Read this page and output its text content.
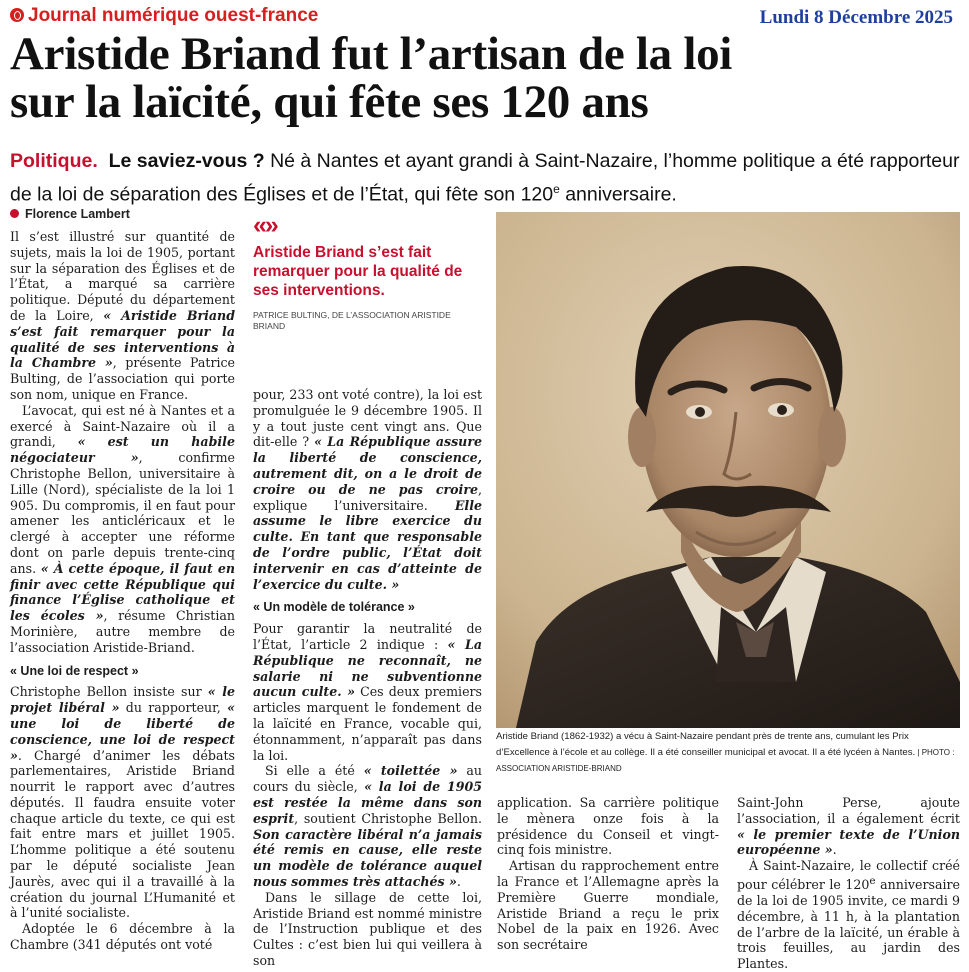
Journal numérique ouest-france	Lundi 8 Décembre 2025
Aristide Briand fut l’artisan de la loi
sur la laïcité, qui fête ses 120 ans

Politique. Le saviez-vous ? Né à Nantes et ayant grandi à Saint-Nazaire, l’homme politique a été rapporteur de la loi de séparation des Églises et de l’État, qui fête son 120e anniversaire.

Florence Lambert

Il s’est illustré sur quantité de sujets, mais la loi de 1905, portant sur la séparation des Églises et de l’État, a marqué sa carrière politique. Député du département de la Loire, « Aristide Briand s’est fait remarquer pour la qualité de ses interventions à la Chambre », présente Patrice Bulting, de l’association qui porte son nom, unique en France.

L’avocat, qui est né à Nantes et a exercé à Saint-Nazaire où il a grandi, « est un habile négociateur », confirme Christophe Bellon, universitaire à Lille (Nord), spécialiste de la loi 1 905. Du compromis, il en faut pour amener les anticléricaux et le clergé à accepter une réforme dont on parle depuis trente-cinq ans. « À cette époque, il faut en finir avec cette République qui finance l’Église catholique et les écoles », résume Christian Morinière, autre membre de l’association Aristide-Briand.

« Une loi de respect »

Christophe Bellon insiste sur « le projet libéral » du rapporteur, « une loi de liberté de conscience, une loi de respect ». Chargé d’animer les débats parlementaires, Aristide Briand nourrit le rapport avec d’autres députés. Il faudra ensuite voter chaque article du texte, ce qui est fait entre mars et juillet 1905. L’homme politique a été soutenu par le député socialiste Jean Jaurès, avec qui il a travaillé à la création du journal L’Humanité et à l’unité socialiste.

Adoptée le 6 décembre à la Chambre (341 députés ont voté

«»
Aristide Briand s’est fait remarquer pour la qualité de ses interventions.
PATRICE BULTING, DE L’ASSOCIATION ARISTIDE BRIAND

pour, 233 ont voté contre), la loi est promulguée le 9 décembre 1905. Il y a tout juste cent vingt ans. Que dit-elle ? « La République assure la liberté de conscience, autrement dit, on a le droit de croire ou de ne pas croire, explique l’universitaire. Elle assume le libre exercice du culte. En tant que responsable de l’ordre public, l’État doit intervenir en cas d’atteinte de l’exercice du culte. »

« Un modèle de tolérance »

Pour garantir la neutralité de l’État, l’article 2 indique : « La République ne reconnaît, ne salarie ni ne subventionne aucun culte. » Ces deux premiers articles marquent le fondement de la laïcité en France, vocable qui, étonnamment, n’apparaît pas dans la loi.

Si elle a été « toilettée » au cours du siècle, « la loi de 1905 est restée la même dans son esprit, soutient Christophe Bellon. Son caractère libéral n’a jamais été remis en cause, elle reste un modèle de tolérance auquel nous sommes très attachés ».

Dans le sillage de cette loi, Aristide Briand est nommé ministre de l’Instruction publique et des Cultes : c’est bien lui qui veillera à son

Aristide Briand (1862-1932) a vécu à Saint-Nazaire pendant près de trente ans, cumulant les Prix d’Excellence à l’école et au collège. Il a été conseiller municipal et avocat. Il a été lycéen à Nantes. | PHOTO : ASSOCIATION ARISTIDE-BRIAND

application. Sa carrière politique le mènera onze fois à la présidence du Conseil et vingt-cinq fois ministre.

Artisan du rapprochement entre la France et l’Allemagne après la Première Guerre mondiale, Aristide Briand a reçu le prix Nobel de la paix en 1926. Avec son secrétaire

Saint-John Perse, ajoute l’association, il a également écrit « le premier texte de l’Union européenne ».

À Saint-Nazaire, le collectif créé pour célébrer le 120e anniversaire de la loi de 1905 invite, ce mardi 9 décembre, à 11 h, à la plantation de l’arbre de la laïcité, un érable à trois feuilles, au jardin des Plantes.
